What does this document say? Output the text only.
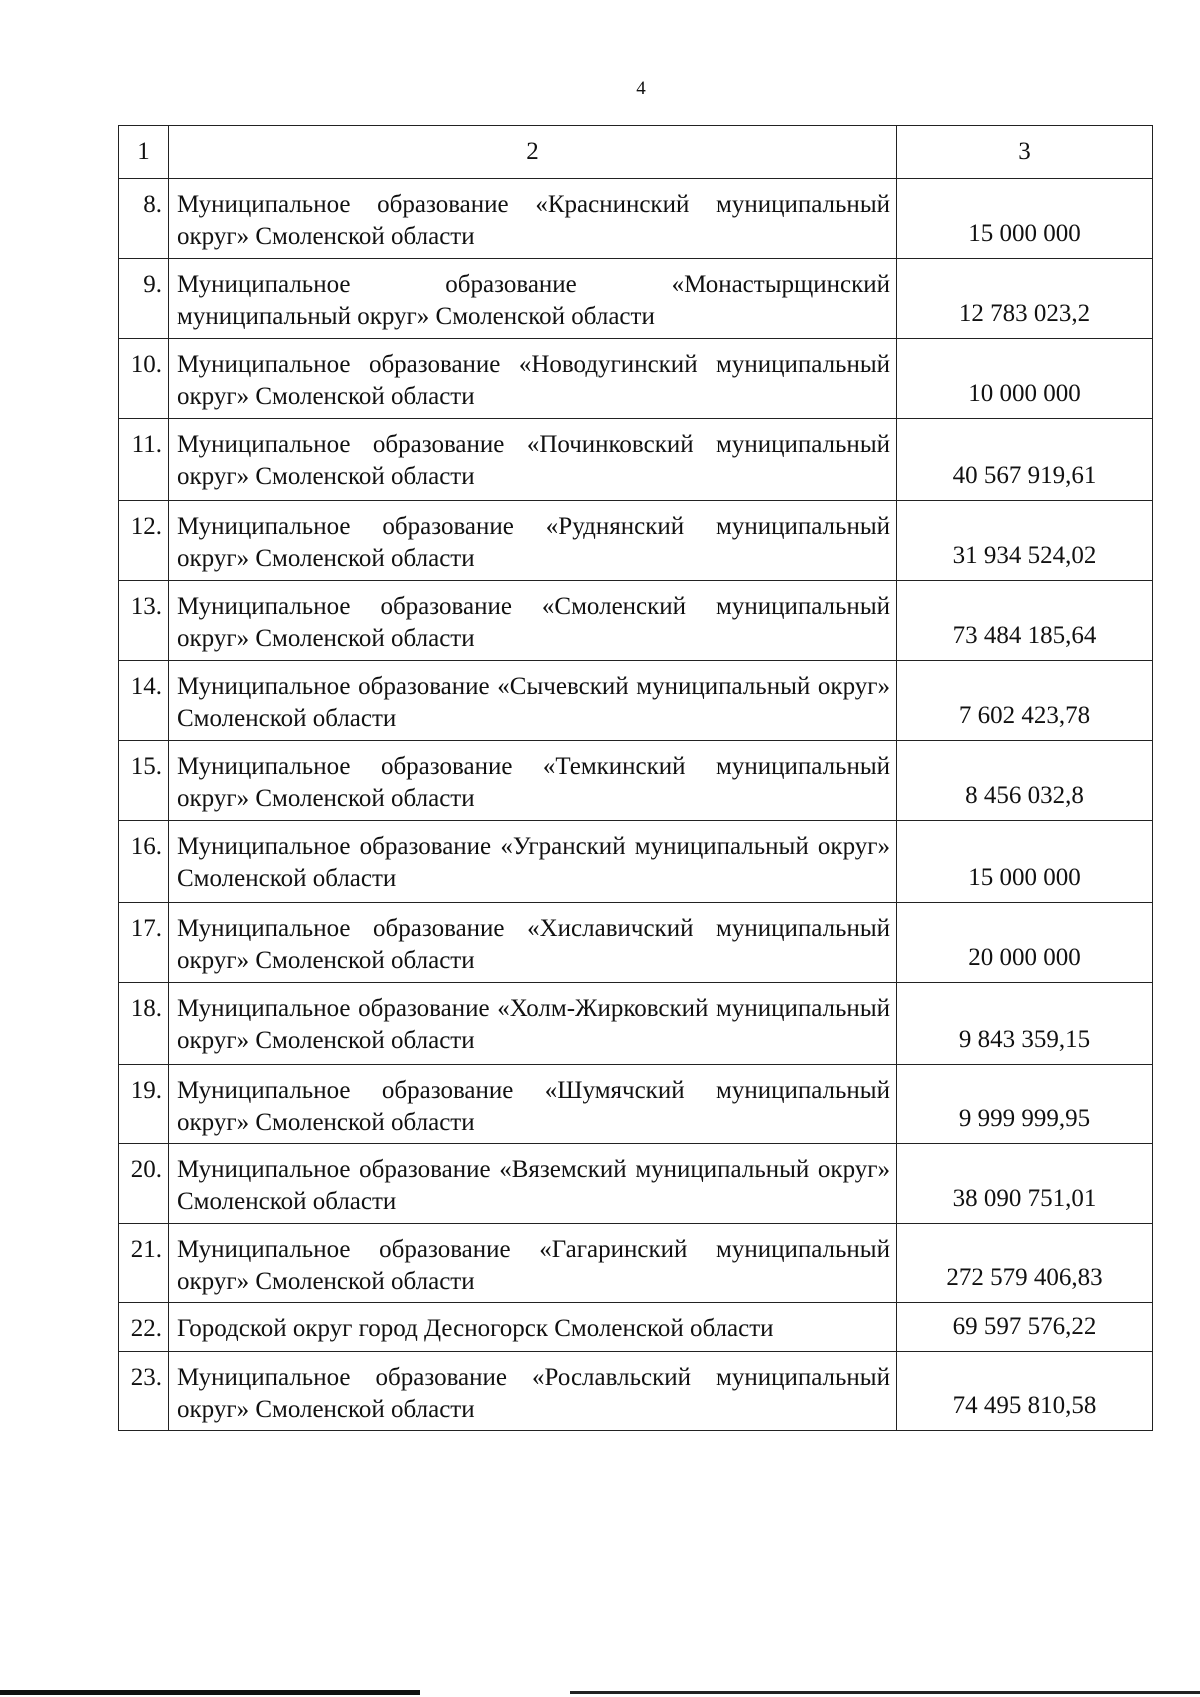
4
1	2	3
8.	Муниципальное образование «Краснинский муниципальный округ» Смоленской области	15 000 000
9.	Муниципальное образование «Монастырщинский муниципальный округ» Смоленской области	12 783 023,2
10.	Муниципальное образование «Новодугинский муниципальный округ» Смоленской области	10 000 000
11.	Муниципальное образование «Починковский муниципальный округ» Смоленской области	40 567 919,61
12.	Муниципальное образование «Руднянский муниципальный округ» Смоленской области	31 934 524,02
13.	Муниципальное образование «Смоленский муниципальный округ» Смоленской области	73 484 185,64
14.	Муниципальное образование «Сычевский муниципальный округ» Смоленской области	7 602 423,78
15.	Муниципальное образование «Темкинский муниципальный округ» Смоленской области	8 456 032,8
16.	Муниципальное образование «Угранский муниципальный округ» Смоленской области	15 000 000
17.	Муниципальное образование «Хиславичский муниципальный округ» Смоленской области	20 000 000
18.	Муниципальное образование «Холм-Жирковский муниципальный округ» Смоленской области	9 843 359,15
19.	Муниципальное образование «Шумячский муниципальный округ» Смоленской области	9 999 999,95
20.	Муниципальное образование «Вяземский муниципальный округ» Смоленской области	38 090 751,01
21.	Муниципальное образование «Гагаринский муниципальный округ» Смоленской области	272 579 406,83
22.	Городской округ город Десногорск Смоленской области	69 597 576,22
23.	Муниципальное образование «Рославльский муниципальный округ» Смоленской области	74 495 810,58
